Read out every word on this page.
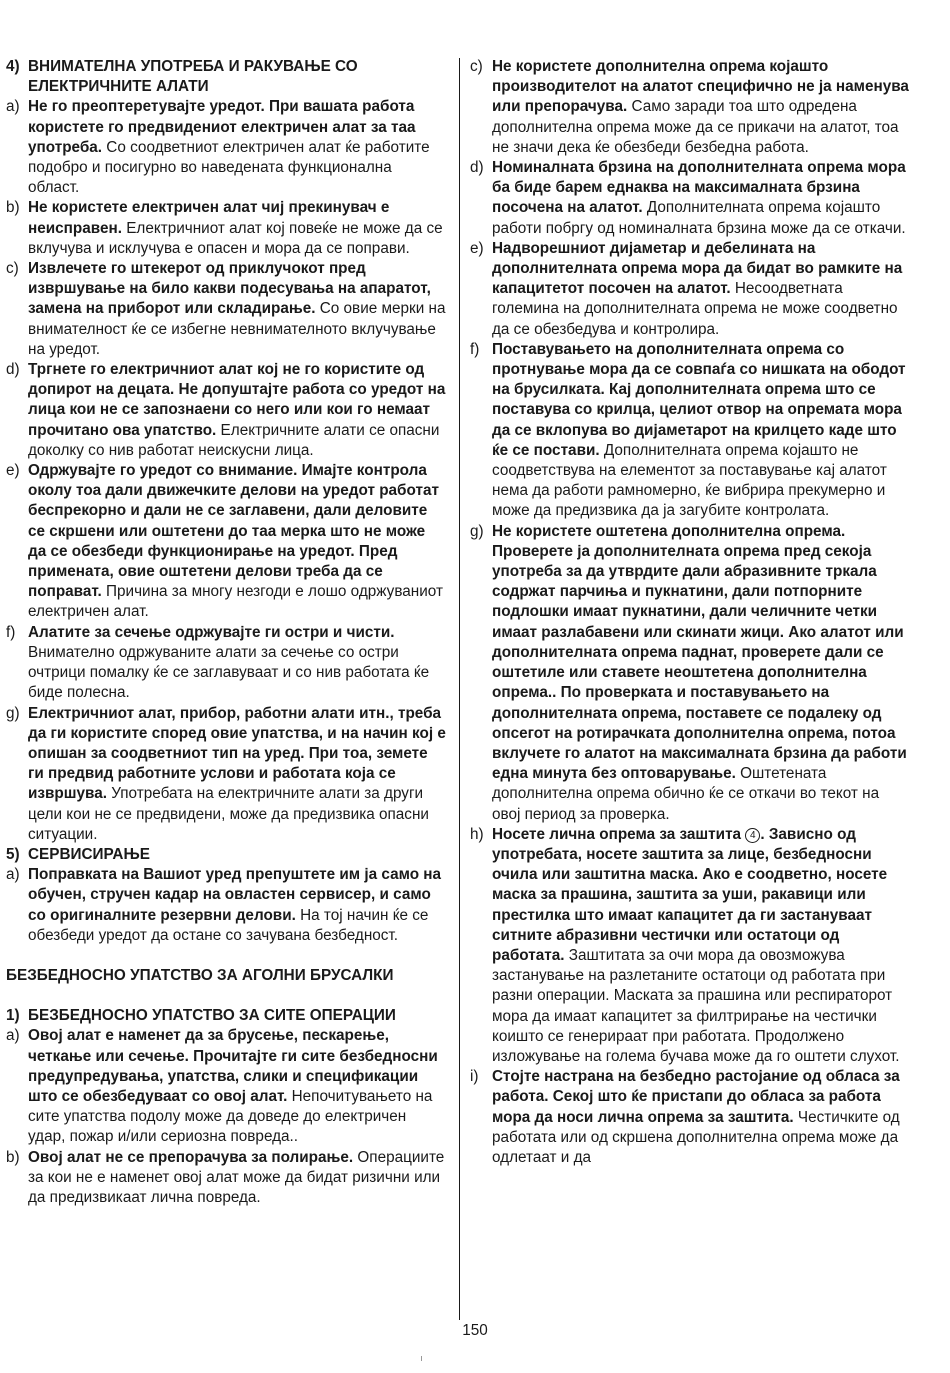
4) ВНИМАТЕЛНА УПОТРЕБА И РАКУВАЊЕ СО ЕЛЕКТРИЧНИТЕ АЛАТИ
a) Не го преоптеретувајте уредот. При вашата работа користете го предвидениот електричен алат за таа употреба. Со соодветниот електричен алат ќе работите подобро и посигурно во наведената функционална област.
b) Не користете електричен алат чиј прекинувач е неисправен. Електричниот алат кој повеќе не може да се вклучува и исклучува е опасен и мора да се поправи.
c) Извлечете го штекерот од приклучокот пред извршување на било какви подесувања на апаратот, замена на приборот или складирање. Со овие мерки на внимателност ќе се избегне невнимателното вклучување на уредот.
d) Тргнете го електричниот алат кој не го користите од допирот на децата. Не допуштајте работа со уредот на лица кои не се запознаени со него или кои го немаат прочитано ова упатство. Електричните алати се опасни доколку со нив работат неискусни лица.
e) Одржувајте го уредот со внимание. Имајте контрола околу тоа дали движечките делови на уредот работат беспрекорно и дали не се заглавени, дали деловите се скршени или оштетени до таа мерка што не може да се обезбеди функционирање на уредот. Пред примената, овие оштетени делови треба да се поправат. Причина за многу незгоди е лошо одржуваниот електричен алат.
f) Алатите за сечење одржувајте ги остри и чисти. Внимателно одржуваните алати за сечење со остри очтрици помалку ќе се заглавуваат и со нив работата ќе биде полесна.
g) Електричниот алат, прибор, работни алати итн., треба да ги користите според овие упатства, и на начин кој е опишан за соодветниот тип на уред. При тоа, земете ги предвид работните услови и работата која се извршува. Употребата на електричните алати за други цели кои не се предвидени, може да предизвика опасни ситуации.
5) СЕРВИСИРАЊЕ
a) Поправката на Вашиот уред препуштете им ја само на обучен, стручен кадар на овластен сервисер, и само со оригиналните резервни делови. На тој начин ќе се обезбеди уредот да остане со зачувана безбедност.
БЕЗБЕДНОСНО УПАТСТВО ЗА АГОЛНИ БРУСАЛКИ
1) БЕЗБЕДНОСНО УПАТСТВО ЗА СИТЕ ОПЕРАЦИИ
a) Овој алат е наменет да за брусење, пескарење, четкање или сечење. Прочитајте ги сите безбедносни предупредувања, упатства, слики и спецификации што се обезбедуваат со овој алат. Непочитувањето на сите упатства подолу може да доведе до електричен удар, пожар и/или сериозна повреда..
b) Овој алат не се препорачува за полирање. Операциите за кои не е наменет овој алат може да бидат ризични или да предизвикаат лична повреда.
c) Не користете дополнителна опрема којашто производителот на алатот специфично не ја наменува или препорачува. Само заради тоа што одредена дополнителна опрема може да се прикачи на алатот, тоа не значи дека ќе обезбеди безбедна работа.
d) Номиналната брзина на дополнителната опрема мора ба биде барем еднаква на максималната брзина посочена на алатот. Дополнителната опрема којашто работи побргу од номиналната брзина може да се откачи.
e) Надворешниот дијаметар и дебелината на дополнителната опрема мора да бидат во рамките на капацитетот посочен на алатот. Несоодветната големина на дополнителната опрема не може соодветно да се обезбедува и контролира.
f) Поставувањето на дополнителната опрема со протнување мора да се совпаѓа со нишката на ободот на брусилката. Кај дополнителната опрема што се поставува со крилца, целиот отвор на опремата мора да се вклопува во дијаметарот на крилцето каде што ќе се постави. Дополнителната опрема којашто не соодветствува на елементот за поставување кај алатот нема да работи рамномерно, ќе вибрира прекумерно и може да предизвика да ја загубите контролата.
g) Не користете оштетена дополнителна опрема. Проверете ја дополнителната опрема пред секоја употреба за да утврдите дали абразивните тркала содржат парчиња и пукнатини, дали потпорните подлошки имаат пукнатини, дали челичните четки имаат разлабавени или скинати жици. Ако алатот или дополнителната опрема паднат, проверете дали се оштетиле или ставете неоштетена дополнителна опрема.. По проверката и поставувањето на дополнителната опрема, поставете се подалеку од опсегот на ротирачката дополнителна опрема, потоа вклучете го алатот на максималната брзина да работи една минута без оптоварување. Оштетената дополнителна опрема обично ќе се откачи во текот на овој период за проверка.
h) Носете лична опрема за заштита 4 . Зависно од употребата, носете заштита за лице, безбедносни очила или заштитна маска. Ако е соодветно, носете маска за прашина, заштита за уши, ракавици или престилка што имаат капацитет да ги застануваат ситните абразивни честички или остатоци од работата. Заштитата за очи мора да овозможува застанување на разлетаните остатоци од работата при разни операции. Маската за прашина или респираторот мора да имаат капацитет за филтрирање на честички коишто се генерираат при работата. Продолжено изложување на голема бучава може да го оштети слухот.
i) Стојте настрана на безбедно растојание од обласа за работа. Секој што ќе пристапи до обласа за работа мора да носи лична опрема за заштита. Честичките од работата или од скршена дополнителна опрема може да одлетаат и да
150
